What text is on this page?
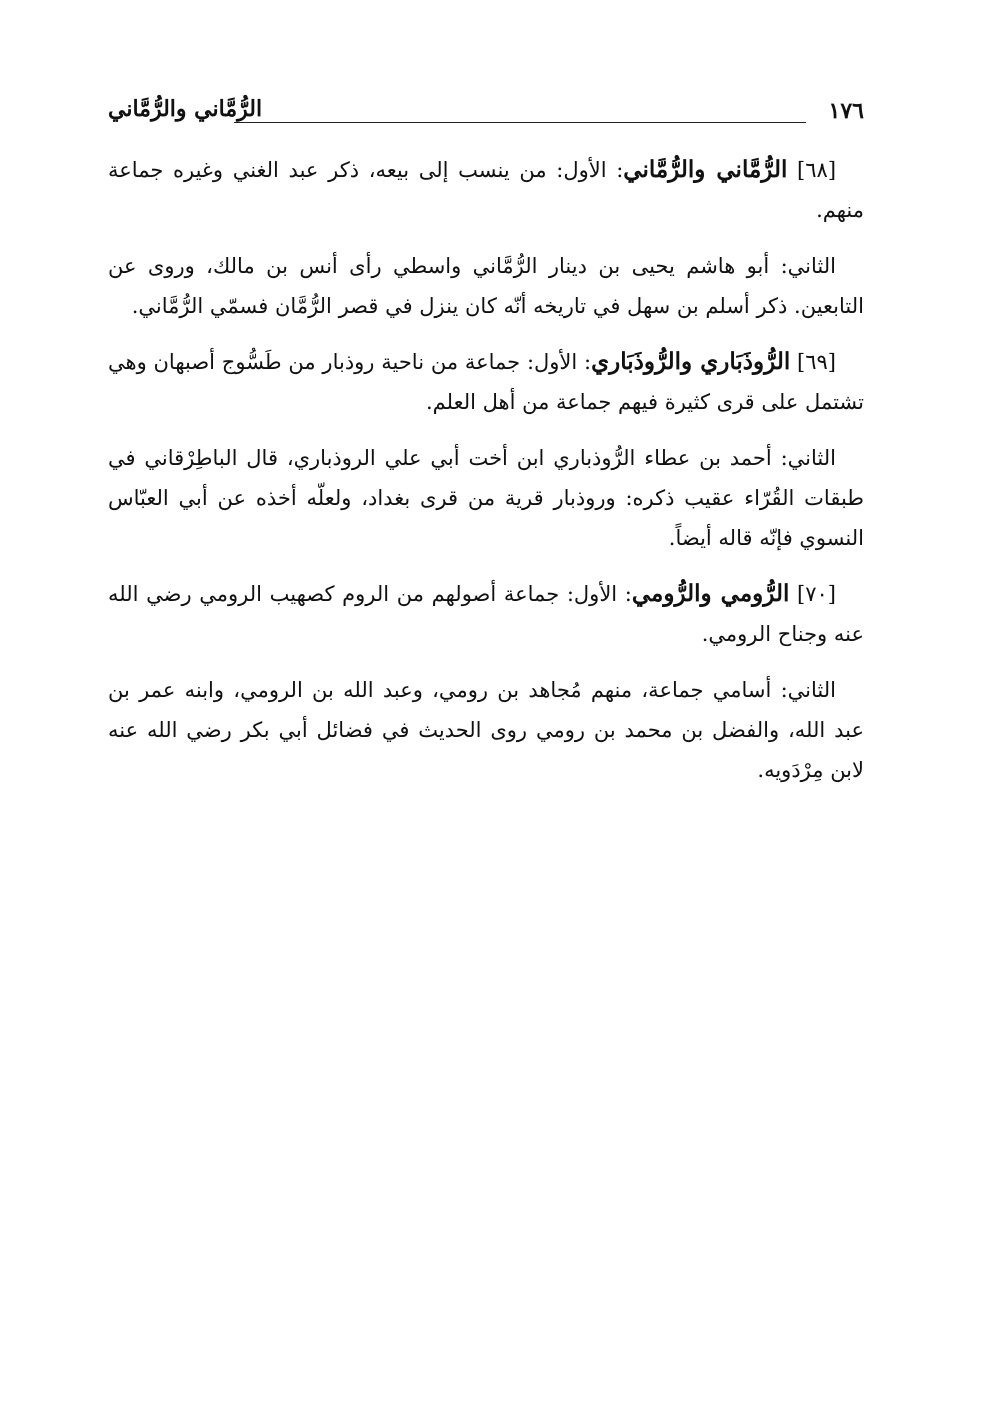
١٧٦
الرُّمَّاني والرُّمَّاني

[٦٨] الرُّمَّاني والرُّمَّاني: الأول: من ينسب إلى بيعه، ذكر عبد الغني وغيره جماعة منهم.

الثاني: أبو هاشم يحيى بن دينار الرُّمَّاني واسطي رأى أنس بن مالك، وروى عن التابعين. ذكر أسلم بن سهل في تاريخه أنّه كان ينزل في قصر الرُّمَّان فسمّي الرُّمَّاني.

[٦٩] الرُّوذَبَاري والرُّوذَبَاري: الأول: جماعة من ناحية روذبار من طَسُّوج أصبهان وهي تشتمل على قرى كثيرة فيهم جماعة من أهل العلم.

الثاني: أحمد بن عطاء الرُّوذباري ابن أخت أبي علي الروذباري، قال الباطِرْقاني في طبقات القُرّاء عقيب ذكره: وروذبار قرية من قرى بغداد، ولعلّه أخذه عن أبي العبّاس النسوي فإنّه قاله أيضاً.

[٧٠] الرُّومي والرُّومي: الأول: جماعة أصولهم من الروم كصهيب الرومي رضي الله عنه وجناح الرومي.

الثاني: أسامي جماعة، منهم مُجاهد بن رومي، وعبد الله بن الرومي، وابنه عمر بن عبد الله، والفضل بن محمد بن رومي روى الحديث في فضائل أبي بكر رضي الله عنه لابن مِرْدَويه.
